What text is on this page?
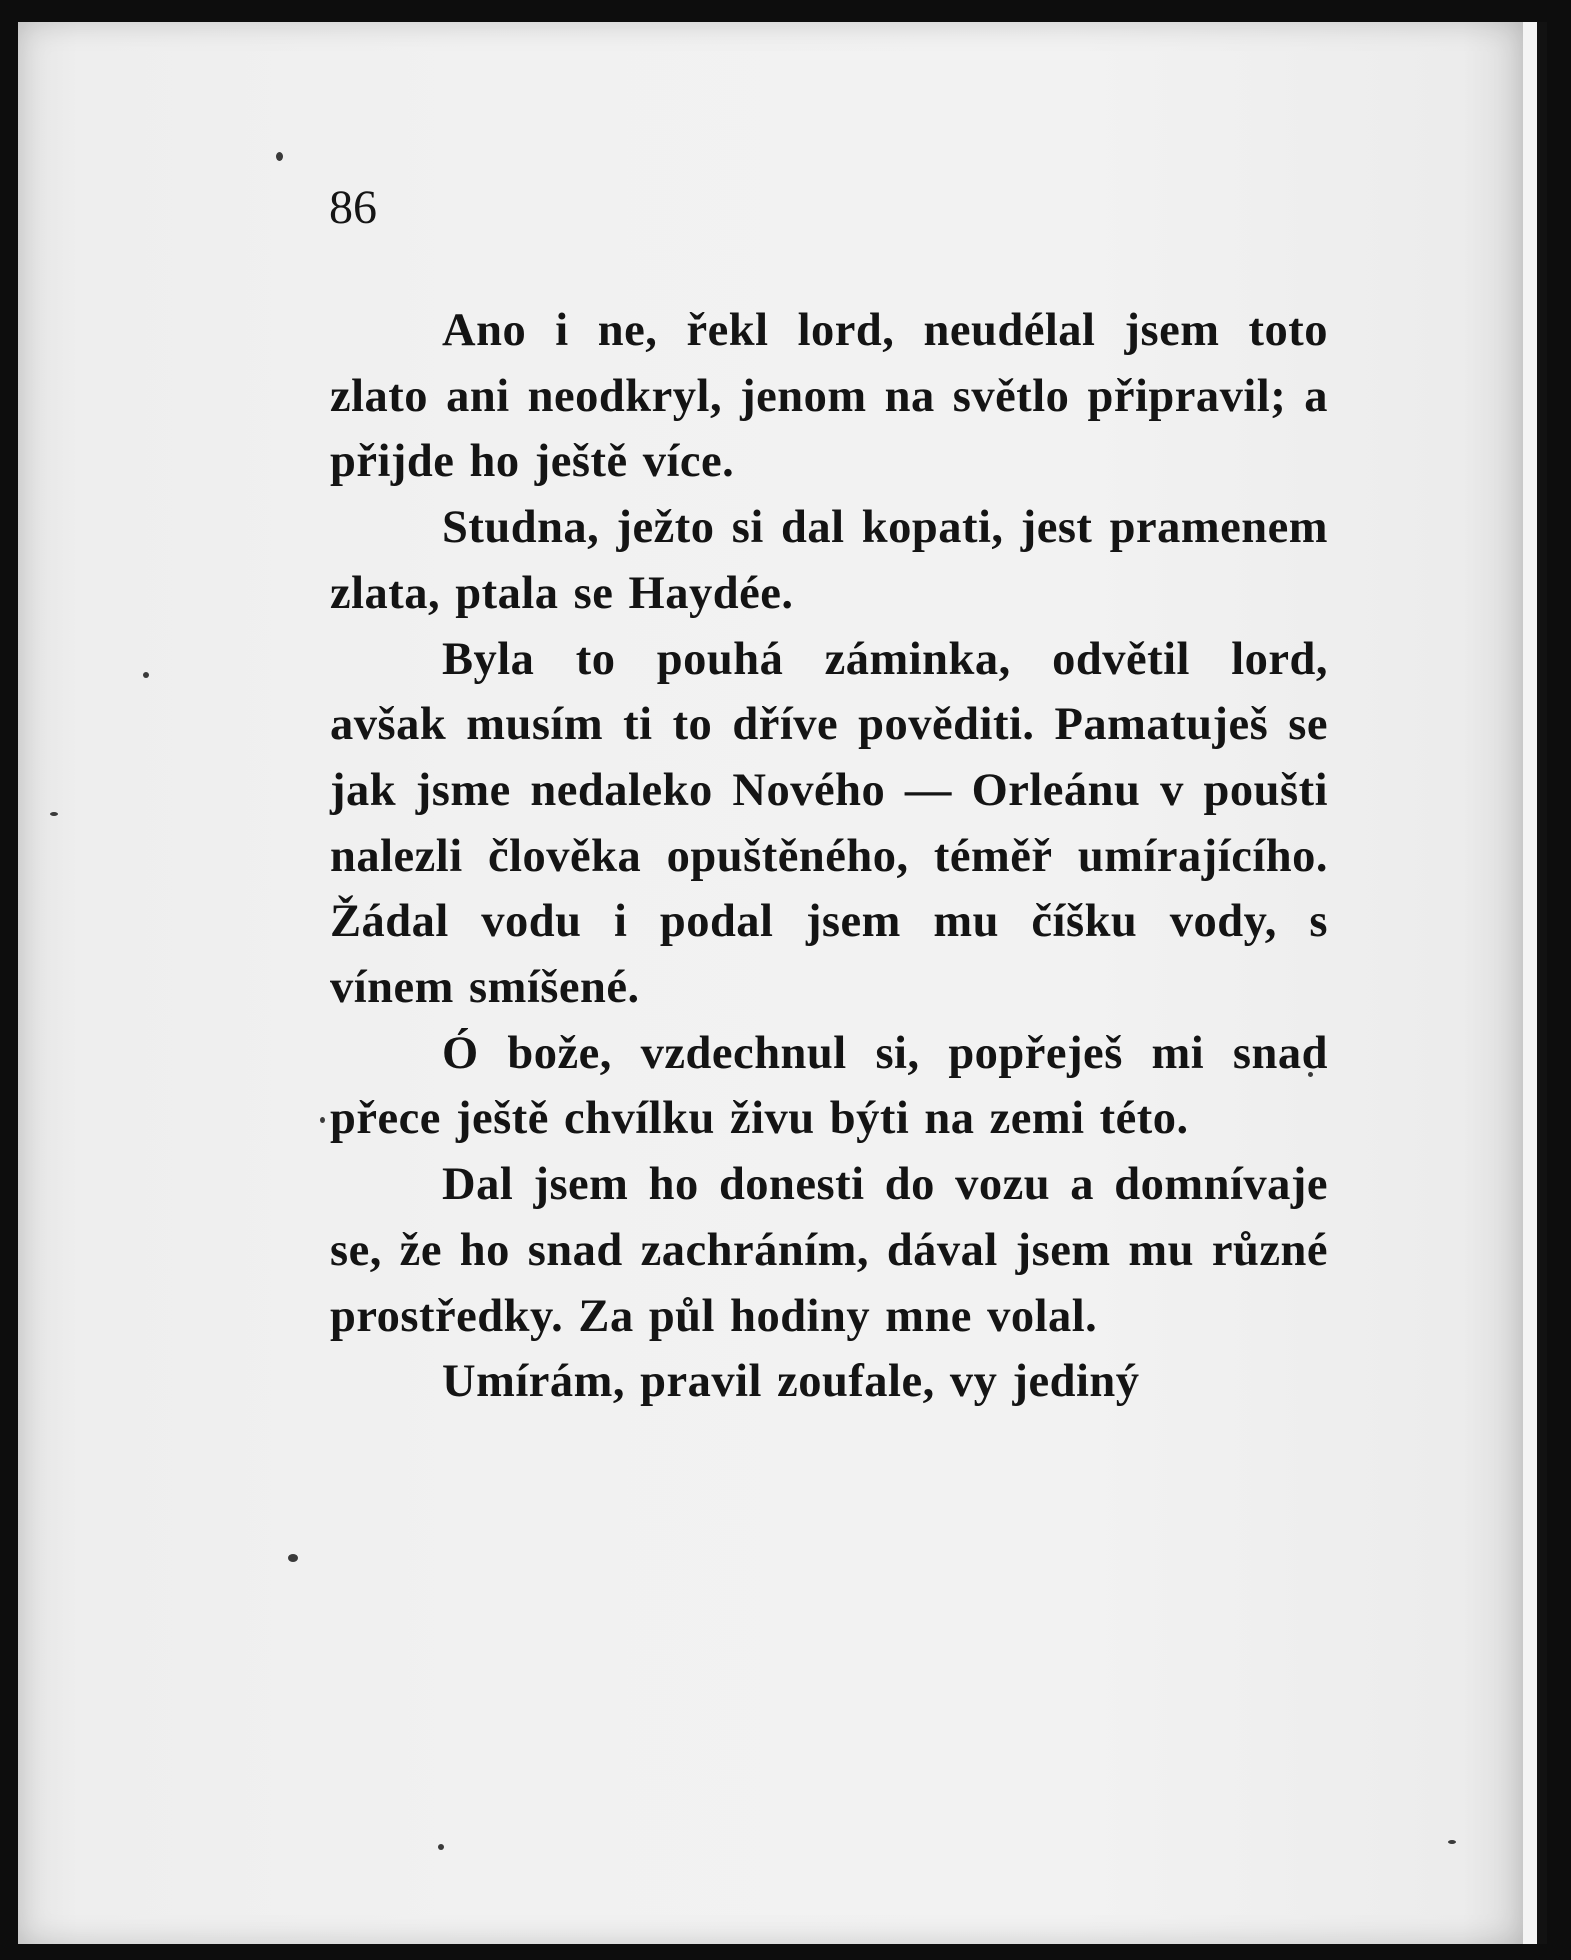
86

Ano i ne, řekl lord, neudélal jsem toto zlato ani neodkryl, jenom na světlo připravil; a přijde ho ještě více.

Studna, ježto si dal kopati, jest pramenem zlata, ptala se Haydée.

Byla to pouhá záminka, odvětil lord, avšak musím ti to dříve pověditi. Pamatuješ se jak jsme nedaleko Nového — Orleánu v poušti nalezli člověka opuštěného, téměř umírajícího. Žádal vodu i podal jsem mu číšku vody, s vínem smíšené.

Ó bože, vzdechnul si, popřeješ mi snad přece ještě chvílku živu býti na zemi této.

Dal jsem ho donesti do vozu a domnívaje se, že ho snad zachráním, dával jsem mu různé prostředky. Za půl hodiny mne volal.

Umírám, pravil zoufale, vy jediný
